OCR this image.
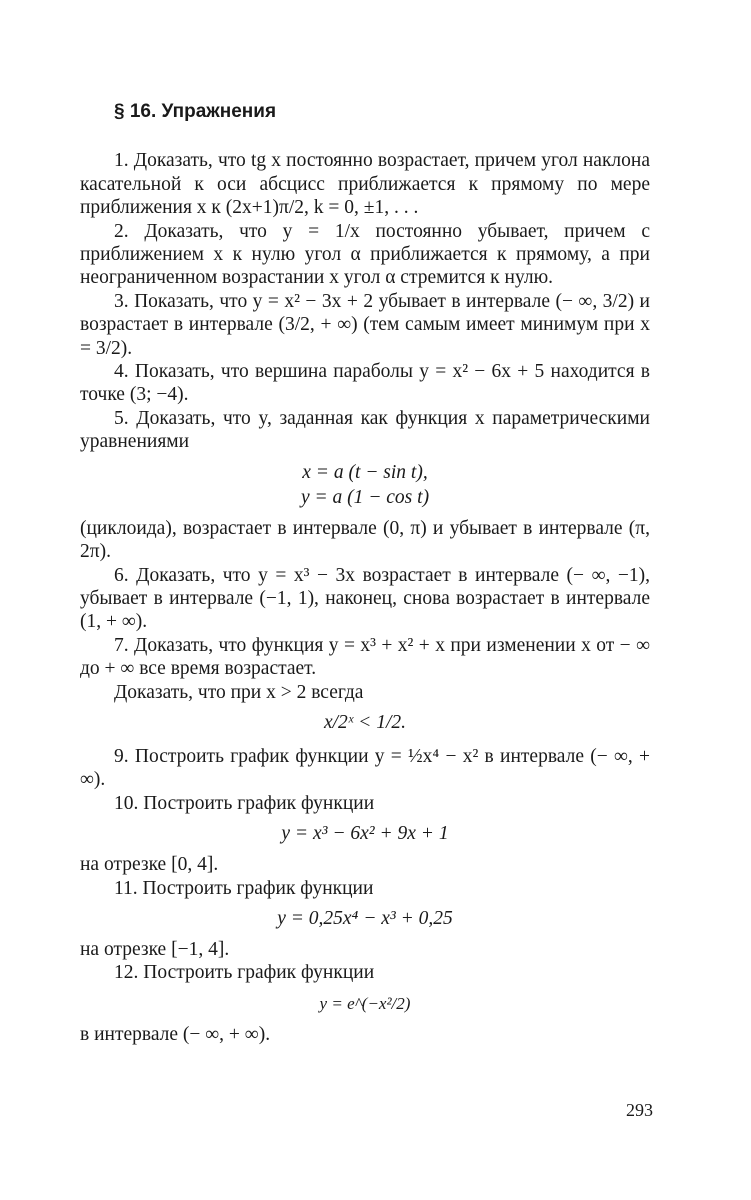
§ 16. Упражнения

1. Доказать, что tg x постоянно возрастает, причем угол наклона касательной к оси абсцисс приближается к прямому по мере приближения x к (2x+1)π/2, k = 0, ±1, . . .

2. Доказать, что y = 1/x постоянно убывает, причем с приближением x к нулю угол α приближается к прямому, а при неограниченном возрастании x угол α стремится к нулю.

3. Показать, что y = x² − 3x + 2 убывает в интервале (− ∞, 3/2) и возрастает в интервале (3/2, + ∞) (тем самым имеет минимум при x = 3/2).

4. Показать, что вершина параболы y = x² − 6x + 5 находится в точке (3; −4).

5. Доказать, что y, заданная как функция x параметрическими уравнениями

x = a (t − sin t),
y = a (1 − cos t)

(циклоида), возрастает в интервале (0, π) и убывает в интервале (π, 2π).

6. Доказать, что y = x³ − 3x возрастает в интервале (− ∞, −1), убывает в интервале (−1, 1), наконец, снова возрастает в интервале (1, + ∞).

7. Доказать, что функция y = x³ + x² + x при изменении x от − ∞ до + ∞ все время возрастает.

Доказать, что при x > 2 всегда

x/2ˣ < 1/2.

9. Построить график функции y = ½x⁴ − x² в интервале (− ∞, + ∞).

10. Построить график функции

y = x³ − 6x² + 9x + 1

на отрезке [0, 4].

11. Построить график функции

y = 0,25x⁴ − x³ + 0,25

на отрезке [−1, 4].

12. Построить график функции

y = e^(−x²/2)

в интервале (− ∞, + ∞).

293
